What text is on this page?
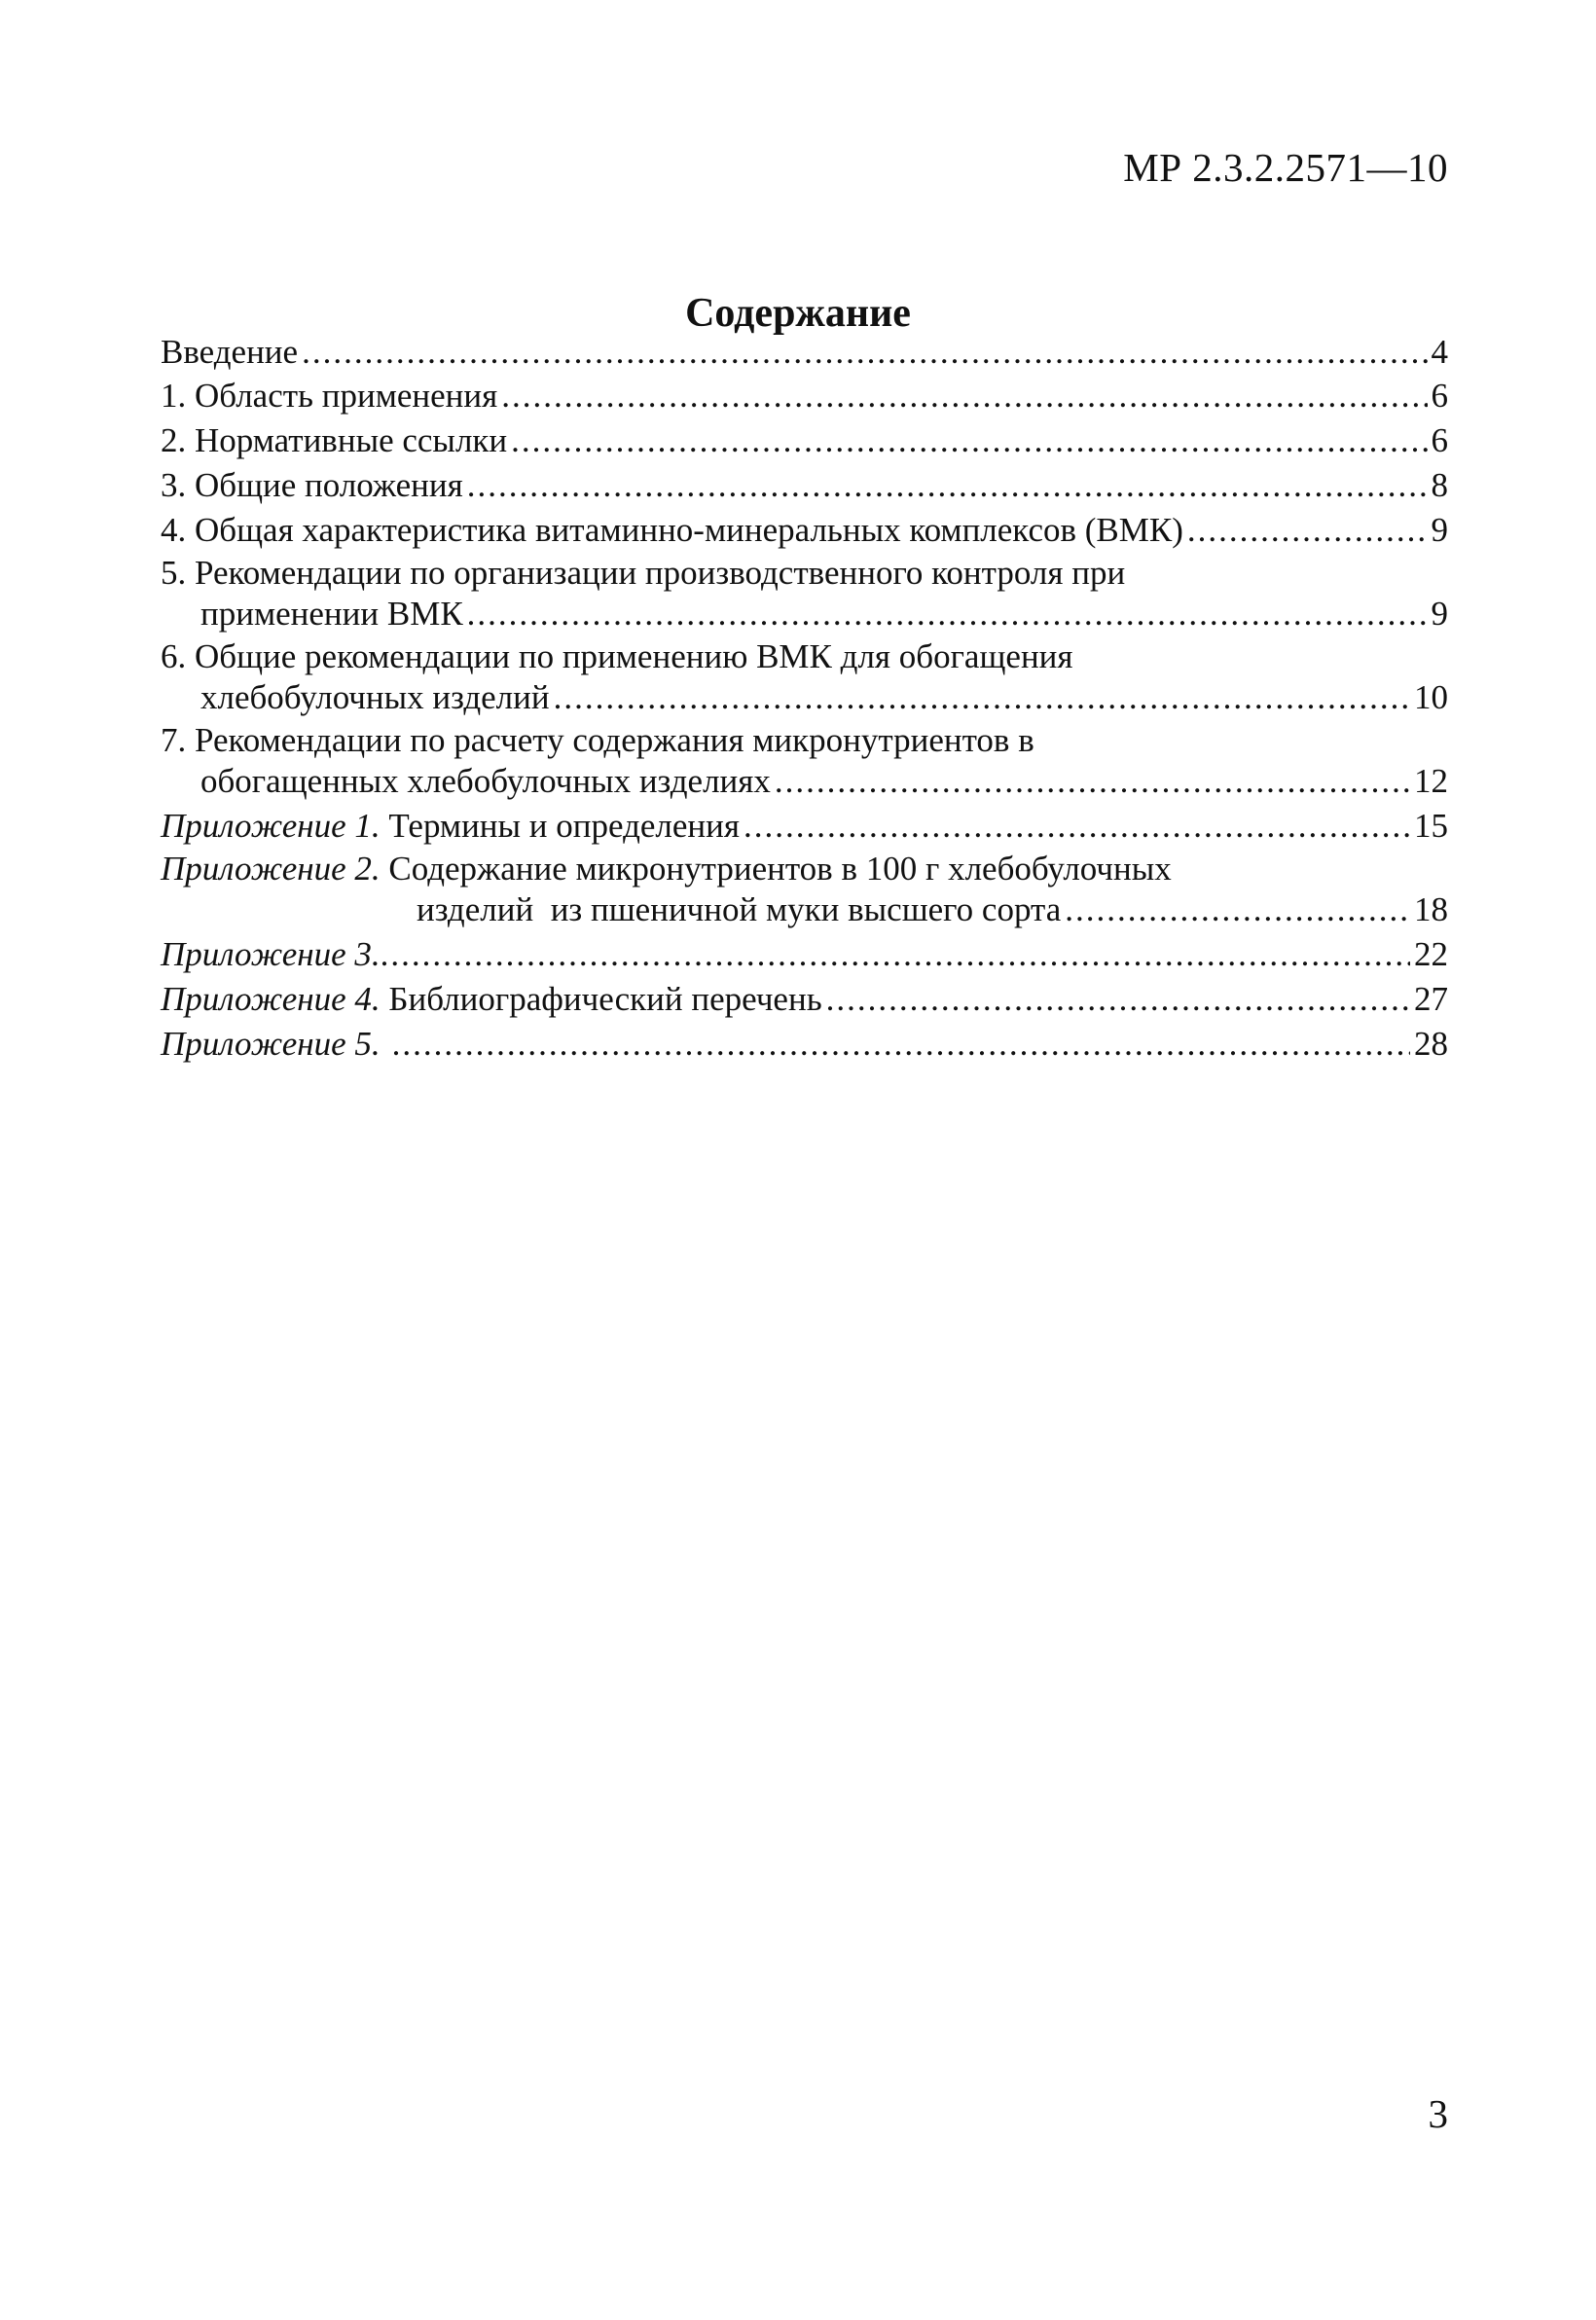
МР 2.3.2.2571—10
Содержание
Введение .....	4
1. Область применения .....	6
2. Нормативные ссылки .....	6
3. Общие положения .....	8
4. Общая характеристика витаминно-минеральных комплексов (ВМК) .....	9
5. Рекомендации по организации производственного контроля при
применении ВМК .....	9
6. Общие рекомендации по применению ВМК для обогащения
хлебобулочных изделий .....	10
7. Рекомендации по расчету содержания микронутриентов в
обогащенных хлебобулочных изделиях .....	12
Приложение 1. Термины и определения .....	15
Приложение 2. Содержание микронутриентов в 100 г хлебобулочных
изделий  из пшеничной муки высшего сорта .....	18
Приложение 3. .....	22
Приложение 4. Библиографический перечень .....	27
Приложение 5. .....	28
3
